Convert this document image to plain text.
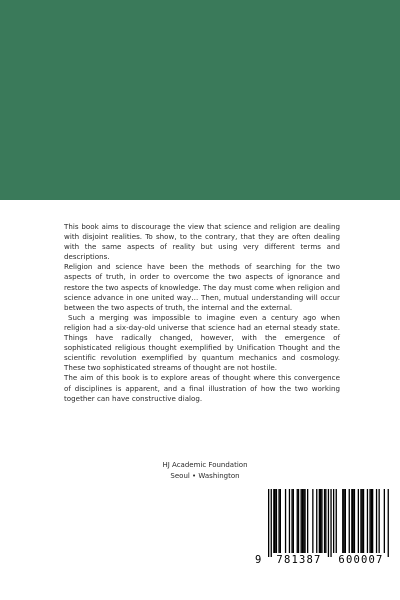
This book aims to discourage the view that science and religion are dealing with disjoint realities. To show, to the contrary, that they are often dealing with the same aspects of reality but using very different terms and descriptions.

Religion and science have been the methods of searching for the two aspects of truth, in order to overcome the two aspects of ignorance and restore the two aspects of knowledge. The day must come when religion and science advance in one united way… Then, mutual understanding will occur between the two aspects of truth, the internal and the external.

Such a merging was impossible to imagine even a century ago when religion had a six-day-old universe that science had an eternal steady state. Things have radically changed, however, with the emergence of sophisticated religious thought exemplified by Unification Thought and the scientific revolution exemplified by quantum mechanics and cosmology. These two sophisticated streams of thought are not hostile.

The aim of this book is to explore areas of thought where this convergence of disciplines is apparent, and a final illustration of how the two working together can have constructive dialog.

HJ Academic Foundation
Seoul • Washington
9	781387	600007
